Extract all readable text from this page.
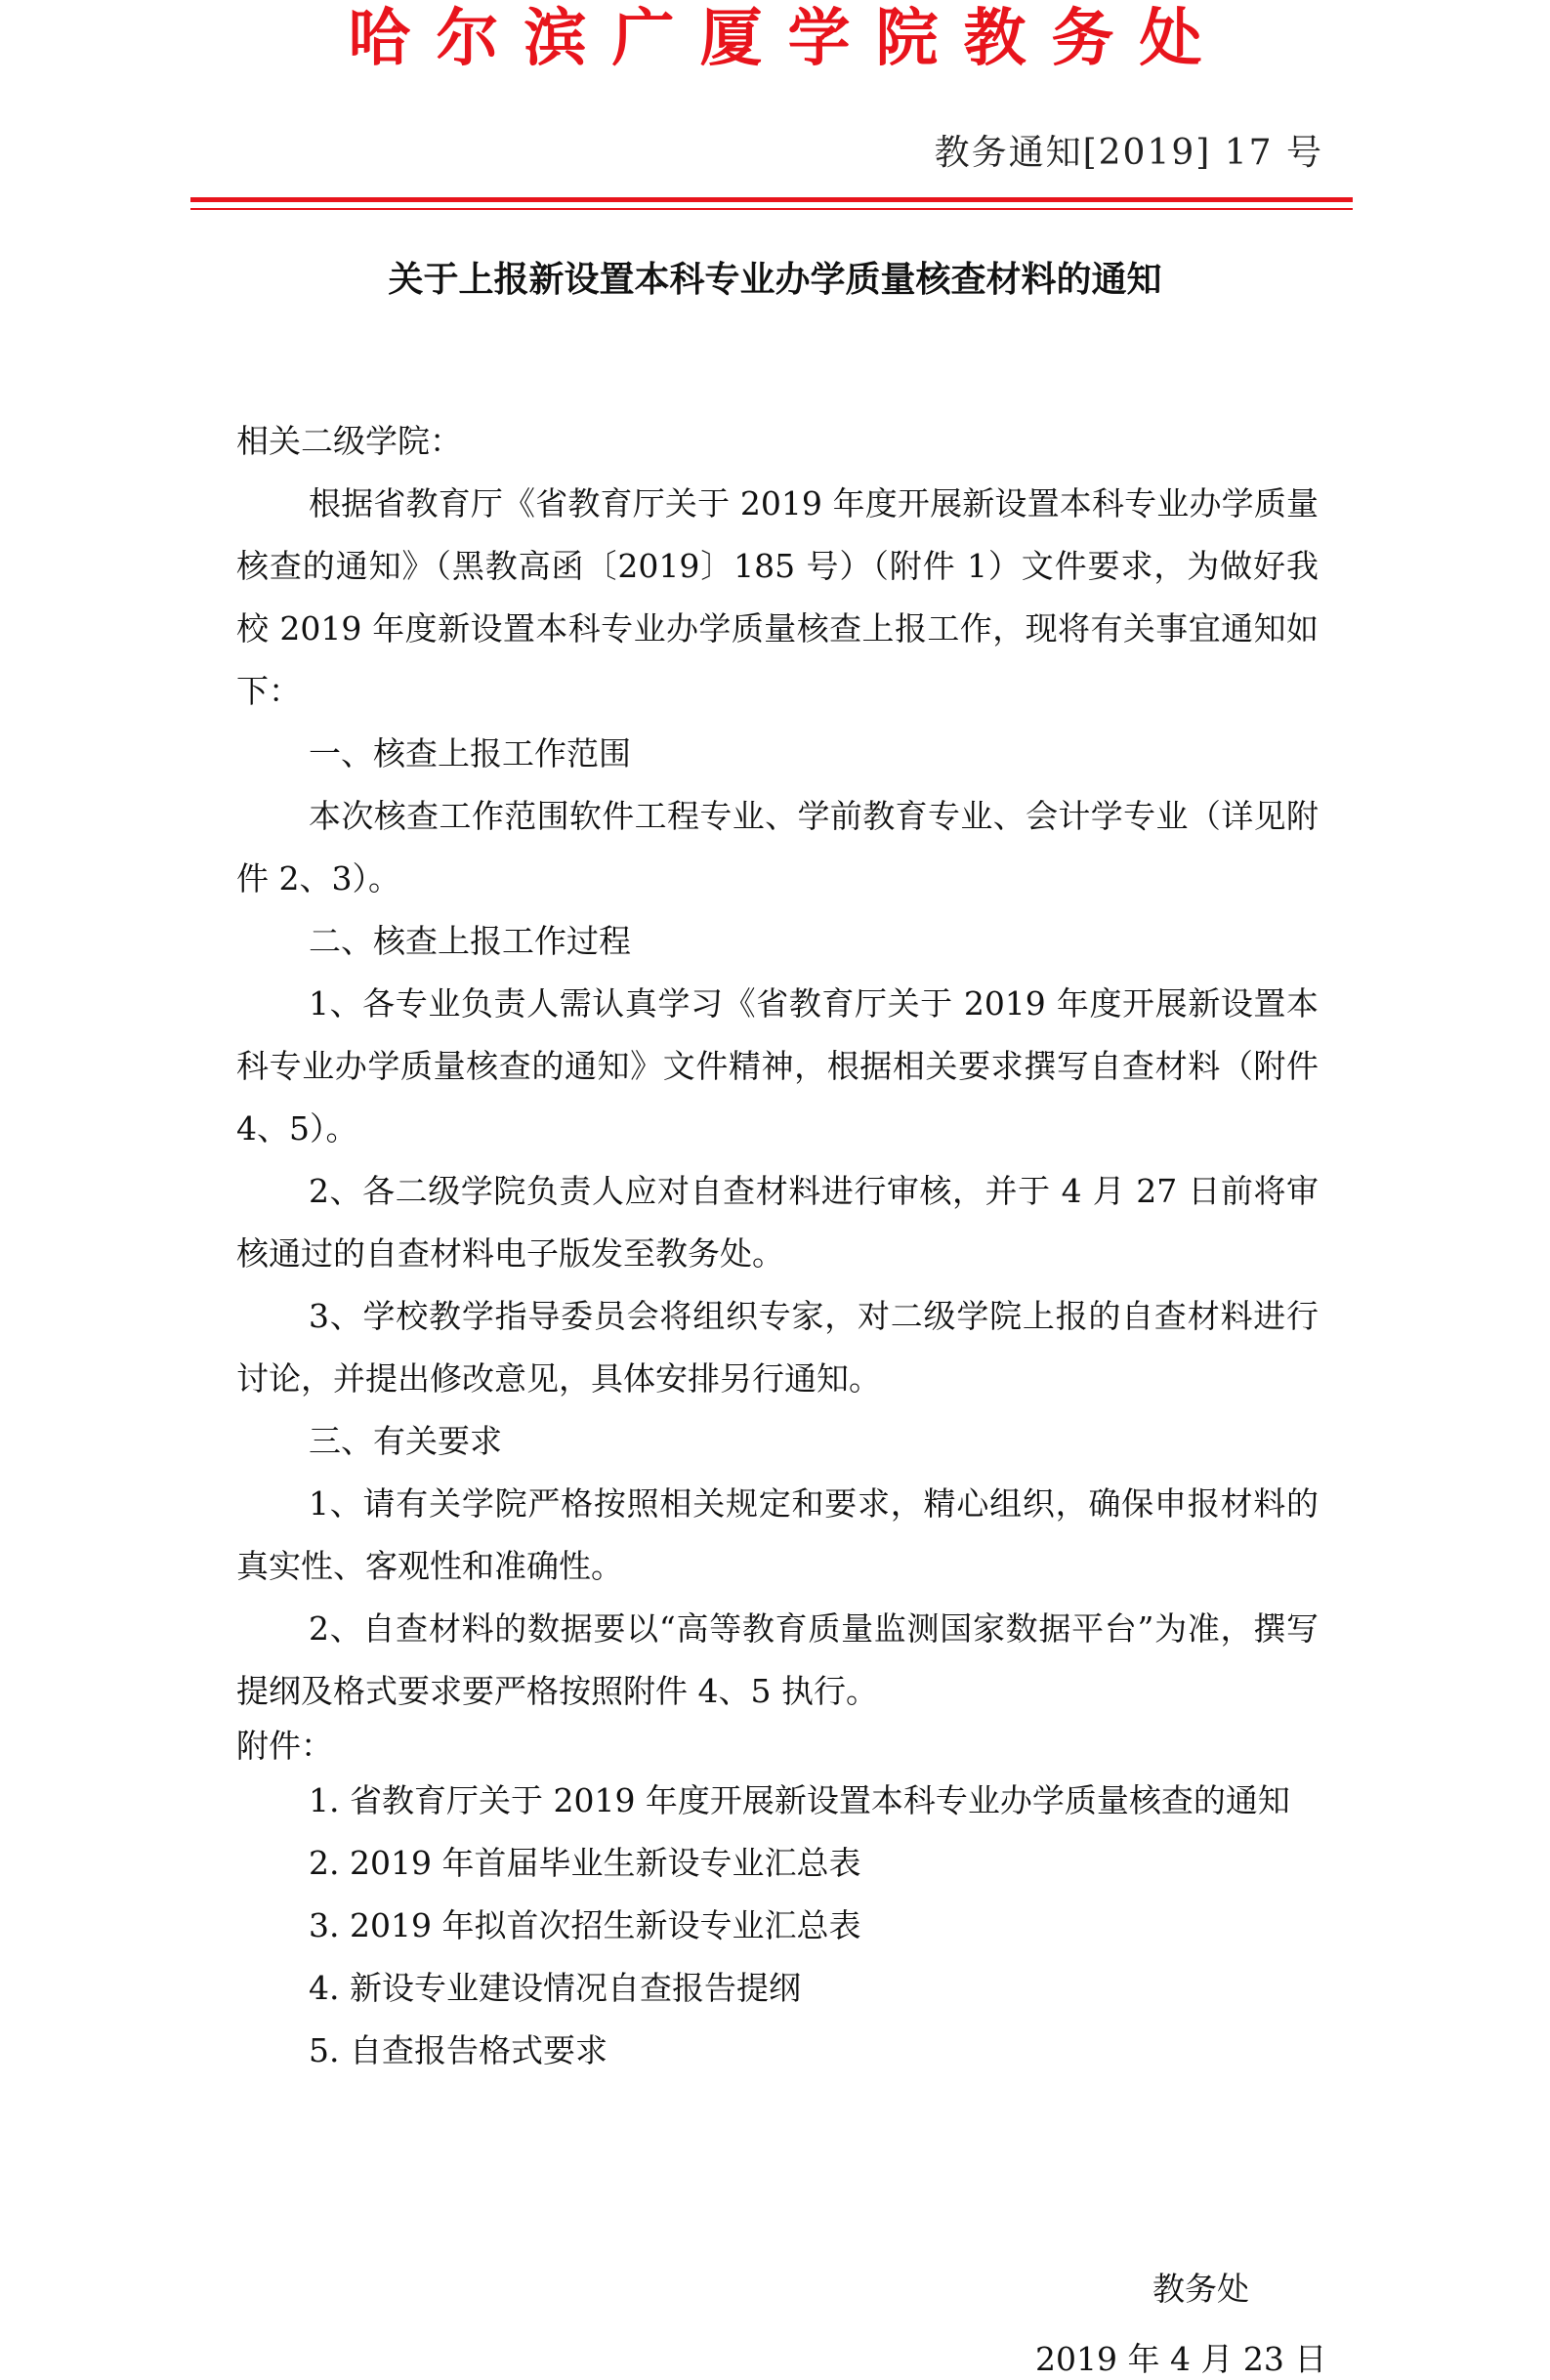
哈尔滨广厦学院教务处
教务通知[2019] 17 号
关于上报新设置本科专业办学质量核查材料的通知

相关二级学院：

根据省教育厅《省教育厅关于 2019 年度开展新设置本科专业办学质量核查的通知》（黑教高函〔2019〕185 号）（附件 1）文件要求，为做好我校 2019 年度新设置本科专业办学质量核查上报工作，现将有关事宜通知如下：

一、核查上报工作范围

本次核查工作范围软件工程专业、学前教育专业、会计学专业（详见附件 2、3）。

二、核查上报工作过程

1、各专业负责人需认真学习《省教育厅关于 2019 年度开展新设置本科专业办学质量核查的通知》文件精神，根据相关要求撰写自查材料（附件 4、5）。

2、各二级学院负责人应对自查材料进行审核，并于 4 月 27 日前将审核通过的自查材料电子版发至教务处。

3、学校教学指导委员会将组织专家，对二级学院上报的自查材料进行讨论，并提出修改意见，具体安排另行通知。

三、有关要求

1、请有关学院严格按照相关规定和要求，精心组织，确保申报材料的真实性、客观性和准确性。

2、自查材料的数据要以“高等教育质量监测国家数据平台”为准，撰写提纲及格式要求要严格按照附件 4、5 执行。

附件：

1. 省教育厅关于 2019 年度开展新设置本科专业办学质量核查的通知

2. 2019 年首届毕业生新设专业汇总表

3. 2019 年拟首次招生新设专业汇总表

4. 新设专业建设情况自查报告提纲

5. 自查报告格式要求

教务处
2019 年 4 月 23 日
